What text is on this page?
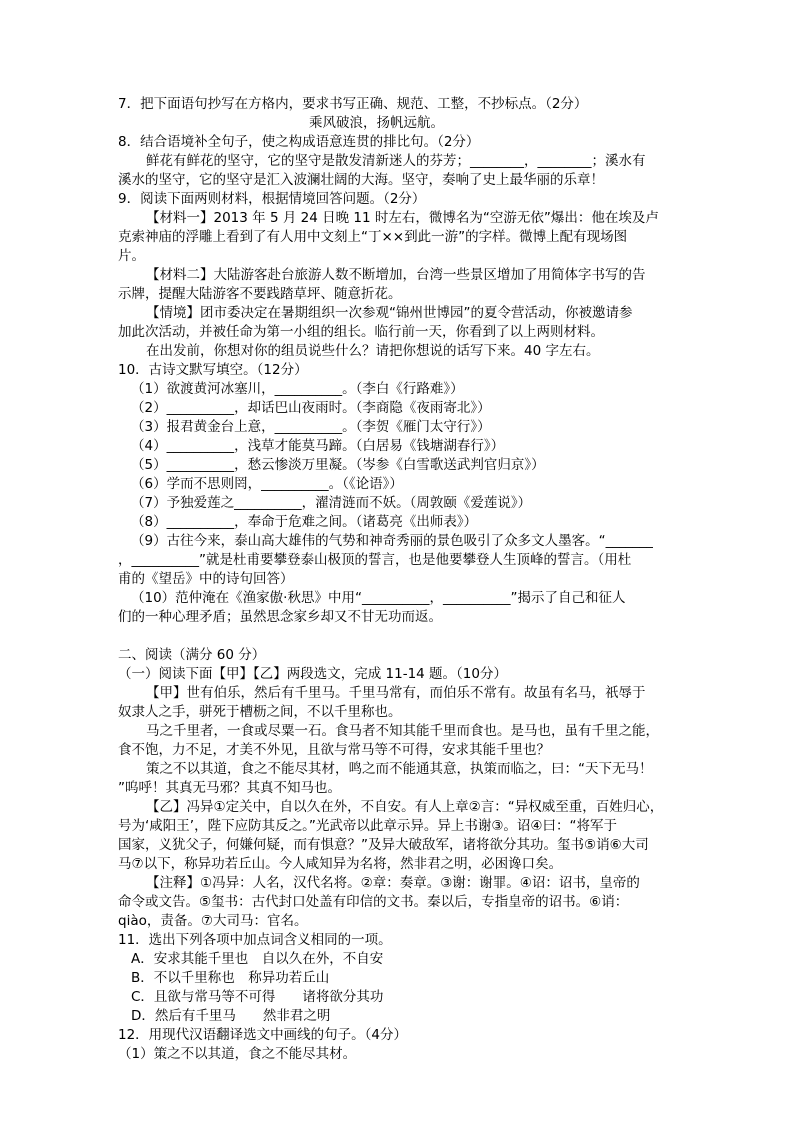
7．把下面语句抄写在方格内，要求书写正确、规范、工整，不抄标点。（2分）
乘风破浪，扬帆远航。
8．结合语境补全句子，使之构成语意连贯的排比句。（2分）
鲜花有鲜花的坚守，它的坚守是散发清新迷人的芬芳；________，________；溪水有
溪水的坚守，它的坚守是汇入波澜壮阔的大海。坚守，奏响了史上最华丽的乐章！
9．阅读下面两则材料，根据情境回答问题。（2分）
【材料一】2013 年 5 月 24 日晚 11 时左右，微博名为“空游无依”爆出：他在埃及卢
克索神庙的浮雕上看到了有人用中文刻上“丁××到此一游”的字样。微博上配有现场图
片。
【材料二】大陆游客赴台旅游人数不断增加，台湾一些景区增加了用简体字书写的告
示牌，提醒大陆游客不要践踏草坪、随意折花。
【情境】团市委决定在暑期组织一次参观“锦州世博园”的夏令营活动，你被邀请参
加此次活动，并被任命为第一小组的组长。临行前一天，你看到了以上两则材料。
在出发前，你想对你的组员说些什么？请把你想说的话写下来。40 字左右。
10．古诗文默写填空。（12分）
（1）欲渡黄河冰塞川，__________。（李白《行路难》）
（2）__________，却话巴山夜雨时。（李商隐《夜雨寄北》）
（3）报君黄金台上意，__________。（李贺《雁门太守行》）
（4）__________，浅草才能莫马蹄。（白居易《钱塘湖春行》）
（5）__________，愁云惨淡万里凝。（岑参《白雪歌送武判官归京》）
（6）学而不思则罔，__________。（《论语》）
（7）予独爱莲之__________，濯清涟而不妖。（周敦颐《爱莲说》）
（8）__________，奉命于危难之间。（诸葛亮《出师表》）
（9）古往今来，泰山高大雄伟的气势和神奇秀丽的景色吸引了众多文人墨客。“_______
，__________”就是杜甫要攀登泰山极顶的誓言，也是他要攀登人生顶峰的誓言。（用杜
甫的《望岳》中的诗句回答）
（10）范仲淹在《渔家傲·秋思》中用“__________，__________”揭示了自己和征人
们的一种心理矛盾；虽然思念家乡却又不甘无功而返。
二、阅读（满分 60 分）
（一）阅读下面【甲】【乙】两段选文，完成 11-14 题。（10分）
【甲】世有伯乐，然后有千里马。千里马常有，而伯乐不常有。故虽有名马，祇辱于
奴隶人之手，骈死于槽枥之间，不以千里称也。
马之千里者，一食或尽粟一石。食马者不知其能千里而食也。是马也，虽有千里之能，
食不饱，力不足，才美不外见，且欲与常马等不可得，安求其能千里也？
策之不以其道，食之不能尽其材，鸣之而不能通其意，执策而临之，曰：“天下无马！
”呜呼！其真无马邪？其真不知马也。
【乙】冯异①定关中，自以久在外，不自安。有人上章②言：“异权威至重，百姓归心，
号为‘咸阳王’，陛下应防其反之。”光武帝以此章示异。异上书谢③。诏④曰：“将军于
国家，义犹父子，何嫌何疑，而有惧意？”及异大破敌军，诸将欲分其功。玺书⑤诮⑥大司
马⑦以下，称异功若丘山。今人咸知异为名将，然非君之明，必困谗口矣。
【注释】①冯异：人名，汉代名将。②章：奏章。③谢：谢罪。④诏：诏书，皇帝的
命令或文告。⑤玺书：古代封口处盖有印信的文书。秦以后，专指皇帝的诏书。⑥诮：
qiào，责备。⑦大司马：官名。
11．选出下列各项中加点词含义相同的一项。
A．安求其能千里也　自以久在外，不自安
B．不以千里称也　称异功若丘山
C．且欲与常马等不可得　　诸将欲分其功
D．然后有千里马　　然非君之明
12．用现代汉语翻译选文中画线的句子。（4分）
（1）策之不以其道，食之不能尽其材。
